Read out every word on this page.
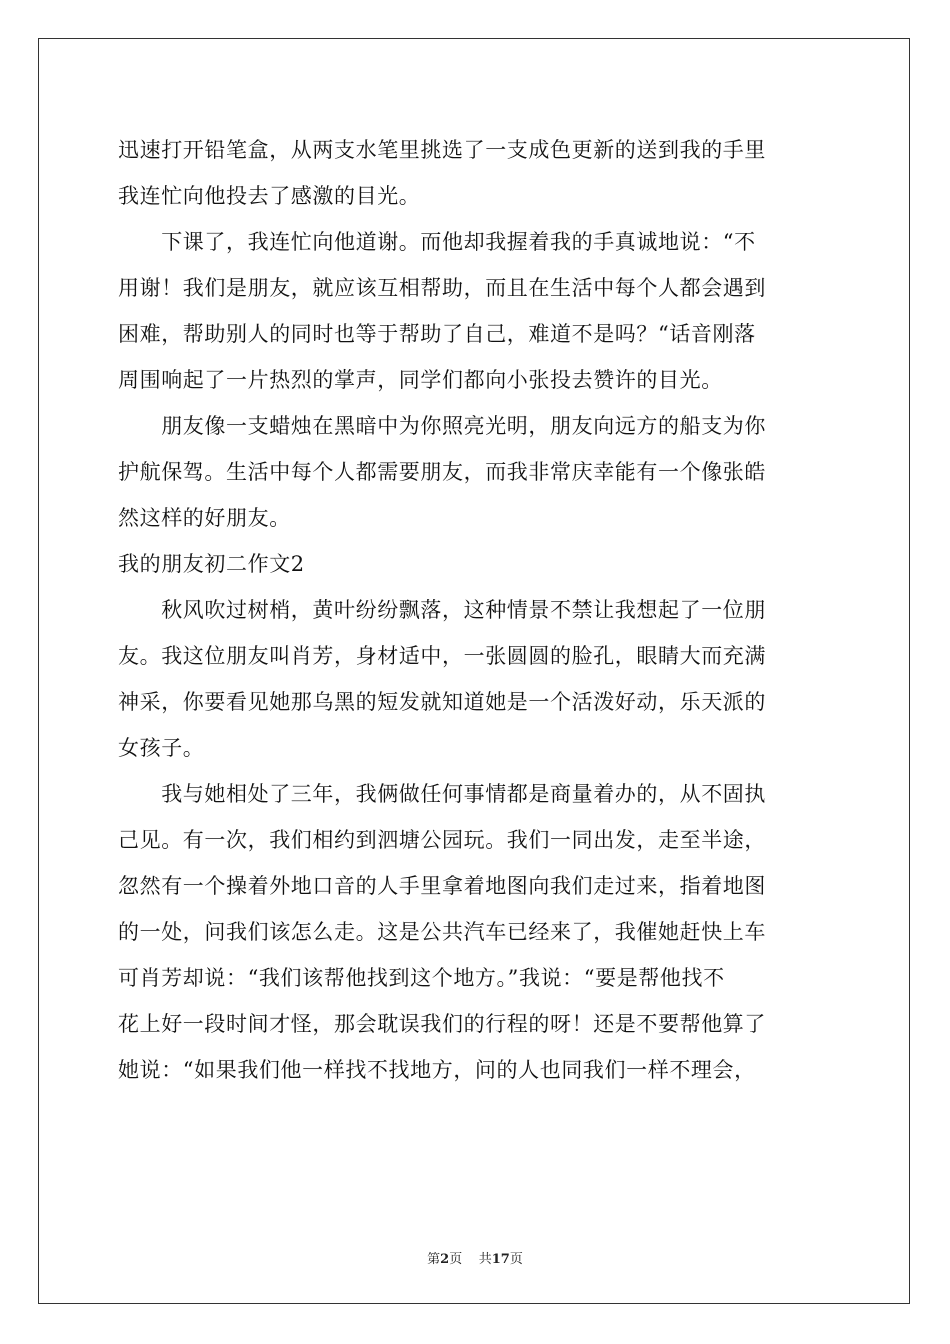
迅速打开铅笔盒，从两支水笔里挑选了一支成色更新的送到我的手里

我连忙向他投去了感激的目光。

　　下课了，我连忙向他道谢。而他却我握着我的手真诚地说：“不

用谢！我们是朋友，就应该互相帮助，而且在生活中每个人都会遇到

困难，帮助别人的同时也等于帮助了自己，难道不是吗？“话音刚落

周围响起了一片热烈的掌声，同学们都向小张投去赞许的目光。

　　朋友像一支蜡烛在黑暗中为你照亮光明，朋友向远方的船支为你

护航保驾。生活中每个人都需要朋友，而我非常庆幸能有一个像张皓

然这样的好朋友。

我的朋友初二作文2

　　秋风吹过树梢，黄叶纷纷飘落，这种情景不禁让我想起了一位朋

友。我这位朋友叫肖芳，身材适中，一张圆圆的脸孔，眼睛大而充满

神采，你要看见她那乌黑的短发就知道她是一个活泼好动，乐天派的

女孩子。

　　我与她相处了三年，我俩做任何事情都是商量着办的，从不固执

己见。有一次，我们相约到泗塘公园玩。我们一同出发，走至半途，

忽然有一个操着外地口音的人手里拿着地图向我们走过来，指着地图

的一处，问我们该怎么走。这是公共汽车已经来了，我催她赶快上车

可肖芳却说：“我们该帮他找到这个地方。”我说：“要是帮他找不

花上好一段时间才怪，那会耽误我们的行程的呀！还是不要帮他算了

她说：“如果我们他一样找不找地方，问的人也同我们一样不理会，

第2页 共17页
